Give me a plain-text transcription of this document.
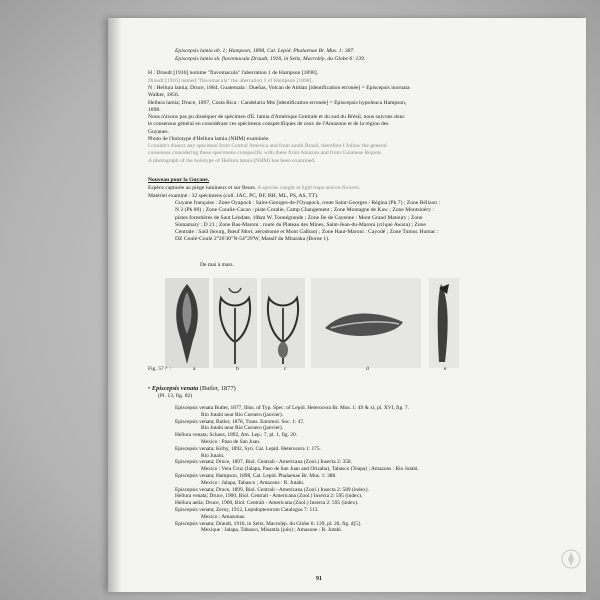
Episcepsis lamia ab. 1; Hampson, 1898, Cat. Lepid. Phalaenae Br. Mus. 1: 387.
Episcepsis lamia sb. flavomacula Draudt, 1916, in Seitz, Macrolép. du Globe 6: 139.
H : Draudt [1916] nomme "flavomacula" l'aberration 1 de Hampson [1898].
Draudt [1916] named "flavomacula" the aberration 1 of Hampson [1898].
N : Hellura lamia; Druce, 1884, Guatemala : Dueñas, Volcan de Atitlan [identification erronée] = Episcepsis inornata Walker, 1856.
Hellura lamia; Druce, 1897, Costa Rica : Candelaria Mts [identification erronée] = Episcepsis hypoleuca Hampson, 1898.
Nous n'avons pas pu disséquer de spécimen d'E. lamia d'Amérique Centrale et du sud du Brésil, nous suivons donc le consensus général en considérant ces spécimens conspécifiques de ceux de l'Amazone et de la région des Guyanes.
Photo de l'holotype d'Hellura lamia (NHM) examinée.
I couldn't dissect any specimen from Central America and from south Brazil, therefore I follow the general consensus considering these specimens conspecific with these from Amazon and from Guianese Region.
A photograph of the holotype of Hellura lamia (NHM) has been examined.
Nouveau pour la Guyane.
Espèce capturée au piège lumineux et sur fleurs. A species caught at light traps and on flowers.
Matériel examiné : 32 spécimens (coll. JAC, PC, BF, BH, ML, PS, AS, TT).
Guyane française : Zone Oyapock : Saint-Georges-de-l'Oyapock, route Saint-Georges / Régina (Pk 7) ; Zone Bélizon : N 2 (Pk 80) ; Zone Coralie-Cacao : piste Coralie, Camp Changement ; Zone Montagne de Kaw ; Zone Montsinéry : pistes forestières de Saut Léodate, 10km W. Tonnégrande ; Zone Ile de Cayenne : Mont Grand Matoury ; Zone Sinnamary : D 21 ; Zone Bas-Maroni : route du Plateau des Mines, Saint-Jean-du-Maroni (crique Awara) ; Zone Centrale : Saül (bourg, Bœuf Mort, aérodrome et Mont Galbao) ; Zone Haut-Maroni : Cayodé ; Zone Tumuc Humac : DZ Coulé-Coulé 2°26'30"N-54°29'W, Massif du Mitaraka (Borne 1).
De mai à mars.
Fig. 57♂ :	a	b	c	d	e
• Episcepsis venata (Butler, 1877)
(Pl. 13, fig. 82)
Episcepsis venata Butler, 1877, Illus. of Typ. Spec. of Lepid. Heterocera Br. Mus. 1: 49 & xi, pl. XVI, fig. 7.
Rio Jutahi near Rio Curnero (janvier).
Episcepsis venata; Butler, 1878, Trans. Entomol. Soc. 1: 47.
Rio Jutahi near Rio Curnero (janvier).
Hellura venata; Schaus, 1892, Am. Lep.: 7, pl. 1, fig. 20.
Mexico : Paso de San Juan.
Episcepsis venata; Kirby, 1892, Syn. Cat. Lepid. Heterocera 1: 175.
Rio Jutahi.
Episcepsis venata; Druce, 1897, Biol. Centrali - Americana (Zool.) Insecta 2: 358.
Mexico : Vera Cruz (Jalapa, Paso de San Juan and Orizaba), Tabasco (Teapa) ; Amazons : Rio Jutahi.
Episcepsis venata; Hampson, 1898, Cat. Lepid. Phalaenae Br. Mus. 1: 388.
Mexico : Jalapa, Tabasco ; Amazons : R. Jutahi.
Episcepsis venata; Druce, 1899, Biol. Centrali - Americana (Zool.) Insecta 2: 589 (index).
Hellura venata; Druce, 1900, Biol. Centrali - Americana (Zool.) Insecta 2: 595 (index).
Hellura aelia; Druce, 1900, Biol. Centrali - Americana (Zool.) Insecta 2: 595 (index).
Episcepsis venata; Zerny, 1912, Lepidopterorum Catalogus 7: 113.
Mexico ; Amazonas.
Episcepsis venata; Draudt, 1916, in Seitz, Macrolép. du Globe 6: 139, pl. 20, fig. d[5].
Mexique : Jalapa, Tabasco, Misantla (juin) ; Amazone : R. Jutahi.
91
